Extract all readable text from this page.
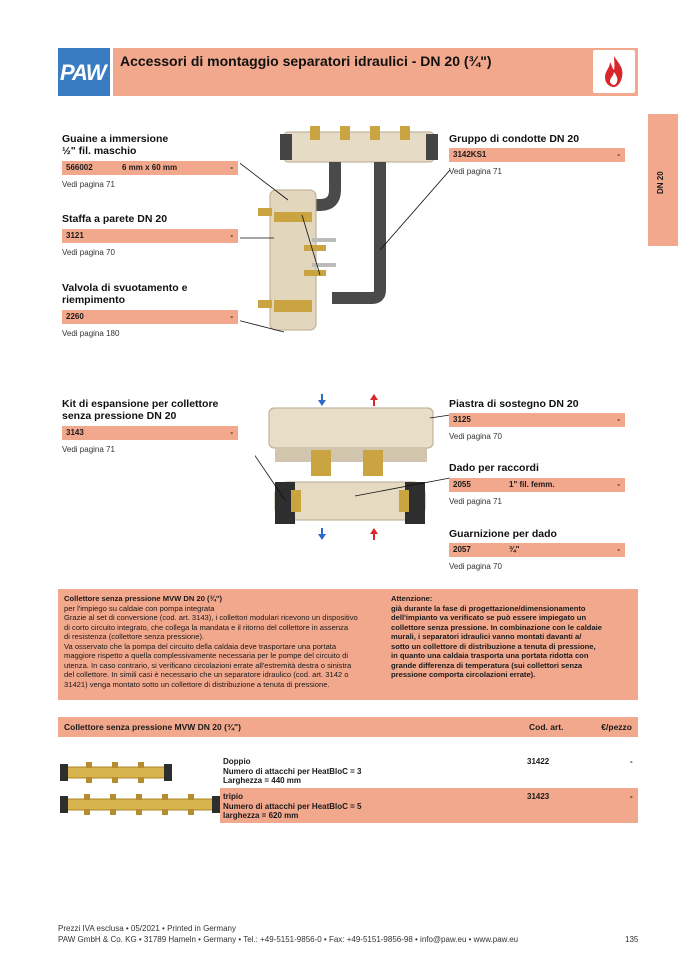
PAW Accessori di montaggio separatori idraulici - DN 20 (¾")
DN 20
Guaine a immersione
½" fil. maschio
566002	6 mm x 60 mm	-
Vedi pagina 71
Staffa a parete DN 20
3121	-
Vedi pagina 70
Valvola di svuotamento e
riempimento
2260	-
Vedi pagina 180
Kit di espansione per collettore
senza pressione DN 20
3143	-
Vedi pagina 71
Gruppo di condotte DN 20
3142KS1	-
Vedi pagina 71
Piastra di sostegno DN 20
3125	-
Vedi pagina 70
Dado per raccordi
2055	1" fil. femm.	-
Vedi pagina 71
Guarnizione per dado
2057	¾"	-
Vedi pagina 70
Collettore senza pressione MVW DN 20 (¾")
per l'impiego su caldaie con pompa integrata
Grazie al set di conversione (cod. art. 3143), i collettori modulari ricevono un dispositivo
di corto circuito integrato, che collega la mandata e il ritorno del collettore in assenza
di resistenza (collettore senza pressione).
Va osservato che la pompa del circuito della caldaia deve trasportare una portata
maggiore rispetto a quella complessivamente necessaria per le pompe del circuito di
utenza. In caso contrario, si verificano circolazioni errate all'estremità destra o sinistra
del collettore. In simili casi è necessario che un separatore idraulico (cod. art. 3142 o
31421) venga montato sotto un collettore di distribuzione a tenuta di pressione.
Attenzione:
già durante la fase di progettazione/dimensionamento
dell'impianto va verificato se può essere impiegato un
collettore senza pressione. In combinazione con le caldaie
murali, i separatori idraulici vanno montati davanti a/
sotto un collettore di distribuzione a tenuta di pressione,
in quanto una caldaia trasporta una portata ridotta con
grande differenza di temperatura (sui collettori senza
pressione comporta circolazioni errate).
Collettore senza pressione MVW DN 20 (¾")	Cod. art.	€/pezzo
Doppio
Numero di attacchi per HeatBloC = 3
Larghezza = 440 mm
31422	-
tripio
Numero di attacchi per HeatBloC = 5
larghezza = 620 mm
31423	-
Prezzi IVA esclusa • 05/2021 • Printed in Germany
PAW GmbH & Co. KG • 31789 Hameln • Germany • Tel.: +49-5151-9856-0 • Fax: +49-5151-9856-98 • info@paw.eu • www.paw.eu	135
